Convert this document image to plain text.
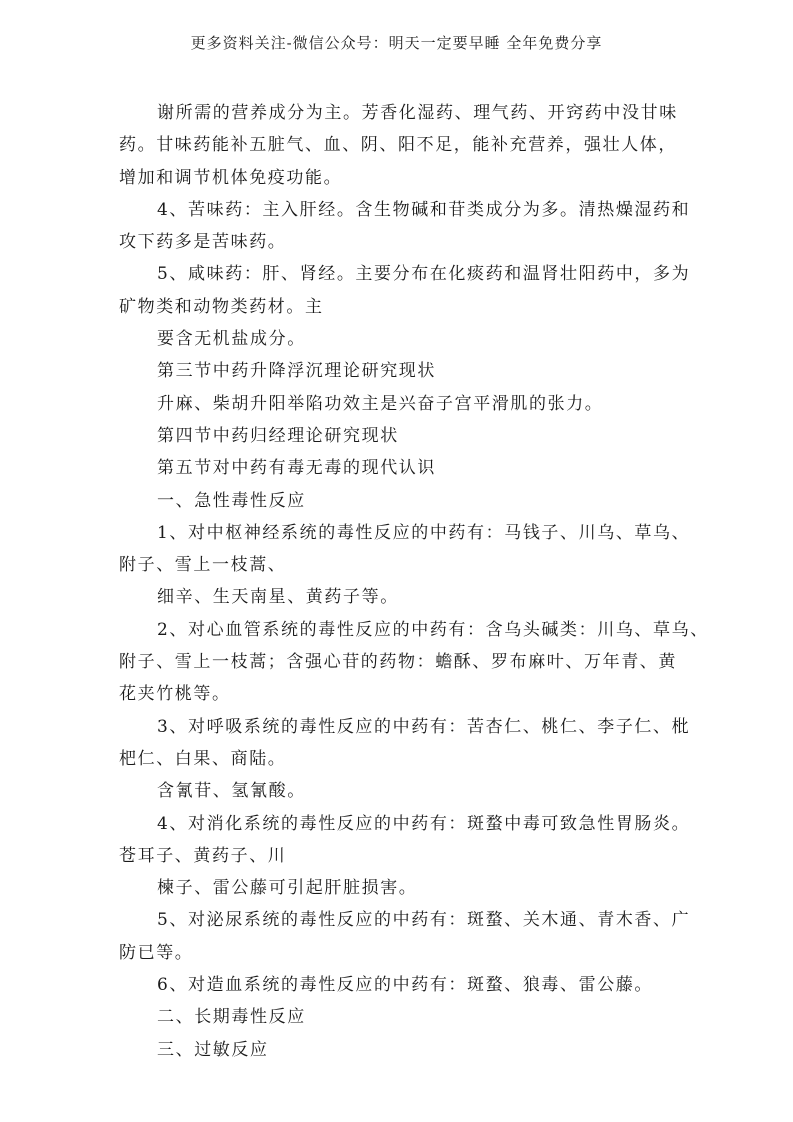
更多资料关注-微信公众号：明天一定要早睡 全年免费分享
谢所需的营养成分为主。芳香化湿药、理气药、开窍药中没甘味
药。甘味药能补五脏气、血、阴、阳不足，能补充营养，强壮人体，
增加和调节机体免疫功能。
4、苦味药：主入肝经。含生物碱和苷类成分为多。清热燥湿药和
攻下药多是苦味药。
5、咸味药：肝、肾经。主要分布在化痰药和温肾壮阳药中，多为
矿物类和动物类药材。主
要含无机盐成分。
第三节中药升降浮沉理论研究现状
升麻、柴胡升阳举陷功效主是兴奋子宫平滑肌的张力。
第四节中药归经理论研究现状
第五节对中药有毒无毒的现代认识
一、急性毒性反应
1、对中枢神经系统的毒性反应的中药有：马钱子、川乌、草乌、
附子、雪上一枝蒿、
细辛、生天南星、黄药子等。
2、对心血管系统的毒性反应的中药有：含乌头碱类：川乌、草乌、
附子、雪上一枝蒿；含强心苷的药物：蟾酥、罗布麻叶、万年青、黄
花夹竹桃等。
3、对呼吸系统的毒性反应的中药有：苦杏仁、桃仁、李子仁、枇
杷仁、白果、商陆。
含氰苷、氢氰酸。
4、对消化系统的毒性反应的中药有：斑蝥中毒可致急性胃肠炎。
苍耳子、黄药子、川
楝子、雷公藤可引起肝脏损害。
5、对泌尿系统的毒性反应的中药有：斑蝥、关木通、青木香、广
防已等。
6、对造血系统的毒性反应的中药有：斑蝥、狼毒、雷公藤。
二、长期毒性反应
三、过敏反应
